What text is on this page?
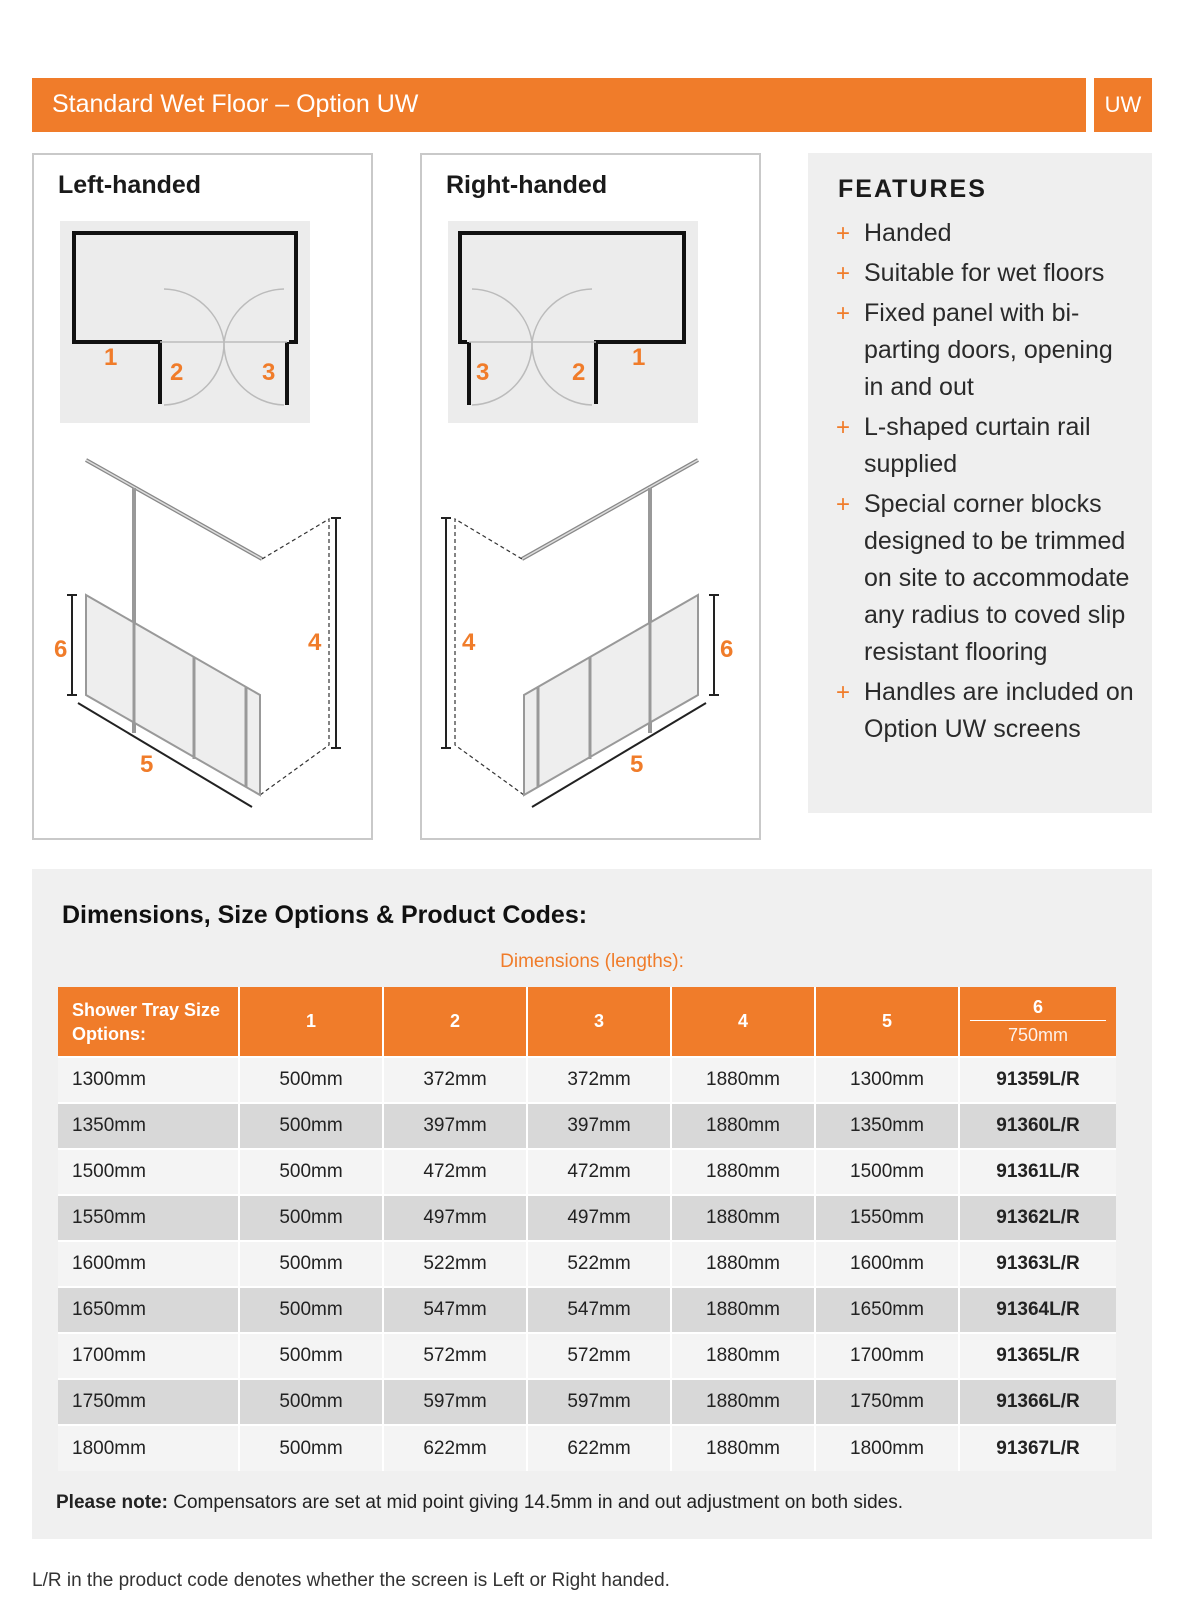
Standard Wet Floor – Option UW	UW
Left-handed
1
2	3
6	4
5
Right-handed
1
2
3
6
4
5
FEATURES
+ Handed
+ Suitable for wet floors
+ Fixed panel with bi-parting doors, opening in and out
+ L-shaped curtain rail supplied
+ Special corner blocks designed to be trimmed on site to accommodate any radius to coved slip resistant flooring
+ Handles are included on Option UW screens
Dimensions, Size Options & Product Codes:
Dimensions (lengths):
Shower Tray Size Options:	1	2	3	4	5	6
750mm

1300mm	500mm	372mm	372mm	1880mm	1300mm	91359L/R
1350mm	500mm	397mm	397mm	1880mm	1350mm	91360L/R
1500mm	500mm	472mm	472mm	1880mm	1500mm	91361L/R
1550mm	500mm	497mm	497mm	1880mm	1550mm	91362L/R
1600mm	500mm	522mm	522mm	1880mm	1600mm	91363L/R
1650mm	500mm	547mm	547mm	1880mm	1650mm	91364L/R
1700mm	500mm	572mm	572mm	1880mm	1700mm	91365L/R
1750mm	500mm	597mm	597mm	1880mm	1750mm	91366L/R
1800mm	500mm	622mm	622mm	1880mm	1800mm	91367L/R
Please note: Compensators are set at mid point giving 14.5mm in and out adjustment on both sides.
L/R in the product code denotes whether the screen is Left or Right handed.
